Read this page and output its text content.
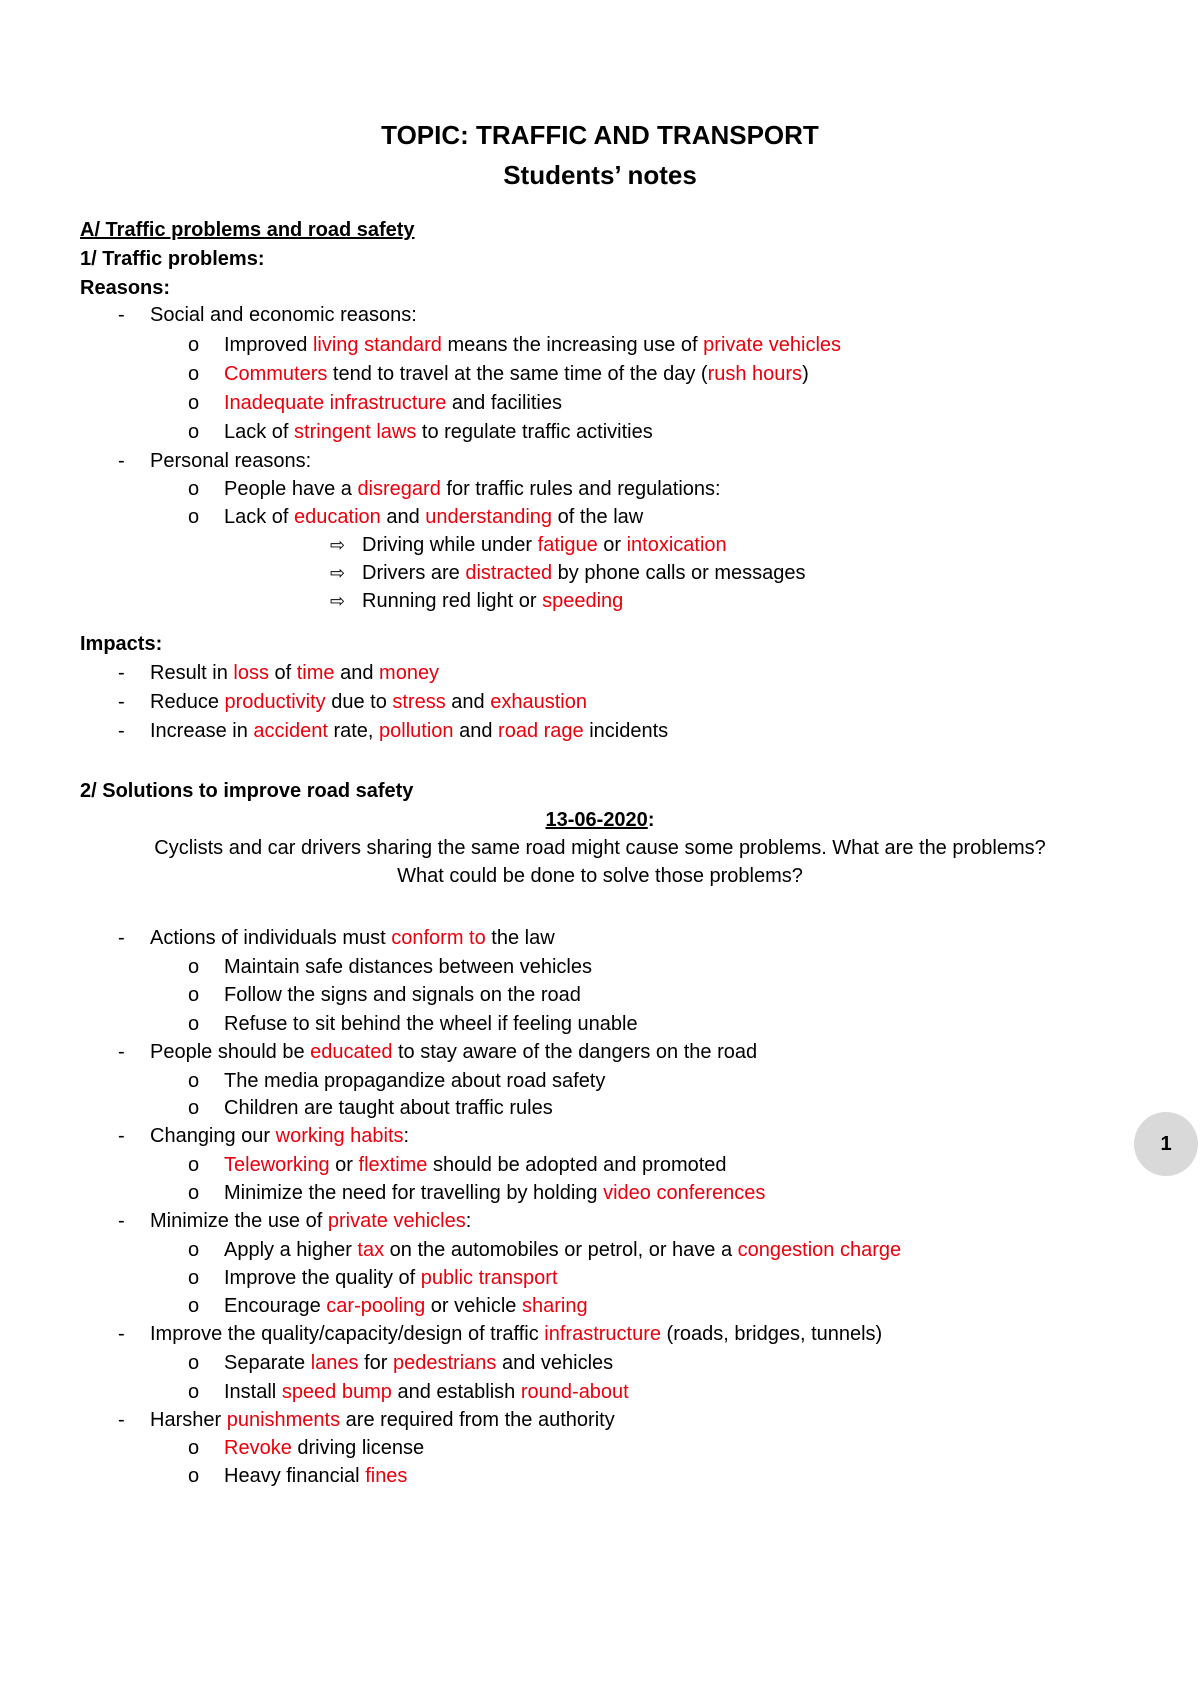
TOPIC: TRAFFIC AND TRANSPORT
Students’ notes
A/ Traffic problems and road safety
1/ Traffic problems:
Reasons:
- Social and economic reasons:
o Improved living standard means the increasing use of private vehicles
o Commuters tend to travel at the same time of the day (rush hours)
o Inadequate infrastructure and facilities
o Lack of stringent laws to regulate traffic activities
- Personal reasons:
o People have a disregard for traffic rules and regulations:
o Lack of education and understanding of the law
⇨ Driving while under fatigue or intoxication
⇨ Drivers are distracted by phone calls or messages
⇨ Running red light or speeding
Impacts:
- Result in loss of time and money
- Reduce productivity due to stress and exhaustion
- Increase in accident rate, pollution and road rage incidents
2/ Solutions to improve road safety
13-06-2020:
Cyclists and car drivers sharing the same road might cause some problems. What are the problems?
What could be done to solve those problems?
- Actions of individuals must conform to the law
o Maintain safe distances between vehicles
o Follow the signs and signals on the road
o Refuse to sit behind the wheel if feeling unable
- People should be educated to stay aware of the dangers on the road
o The media propagandize about road safety
o Children are taught about traffic rules
- Changing our working habits:
o Teleworking or flextime should be adopted and promoted
o Minimize the need for travelling by holding video conferences
- Minimize the use of private vehicles:
o Apply a higher tax on the automobiles or petrol, or have a congestion charge
o Improve the quality of public transport
o Encourage car-pooling or vehicle sharing
- Improve the quality/capacity/design of traffic infrastructure (roads, bridges, tunnels)
o Separate lanes for pedestrians and vehicles
o Install speed bump and establish round-about
- Harsher punishments are required from the authority
o Revoke driving license
o Heavy financial fines
1
